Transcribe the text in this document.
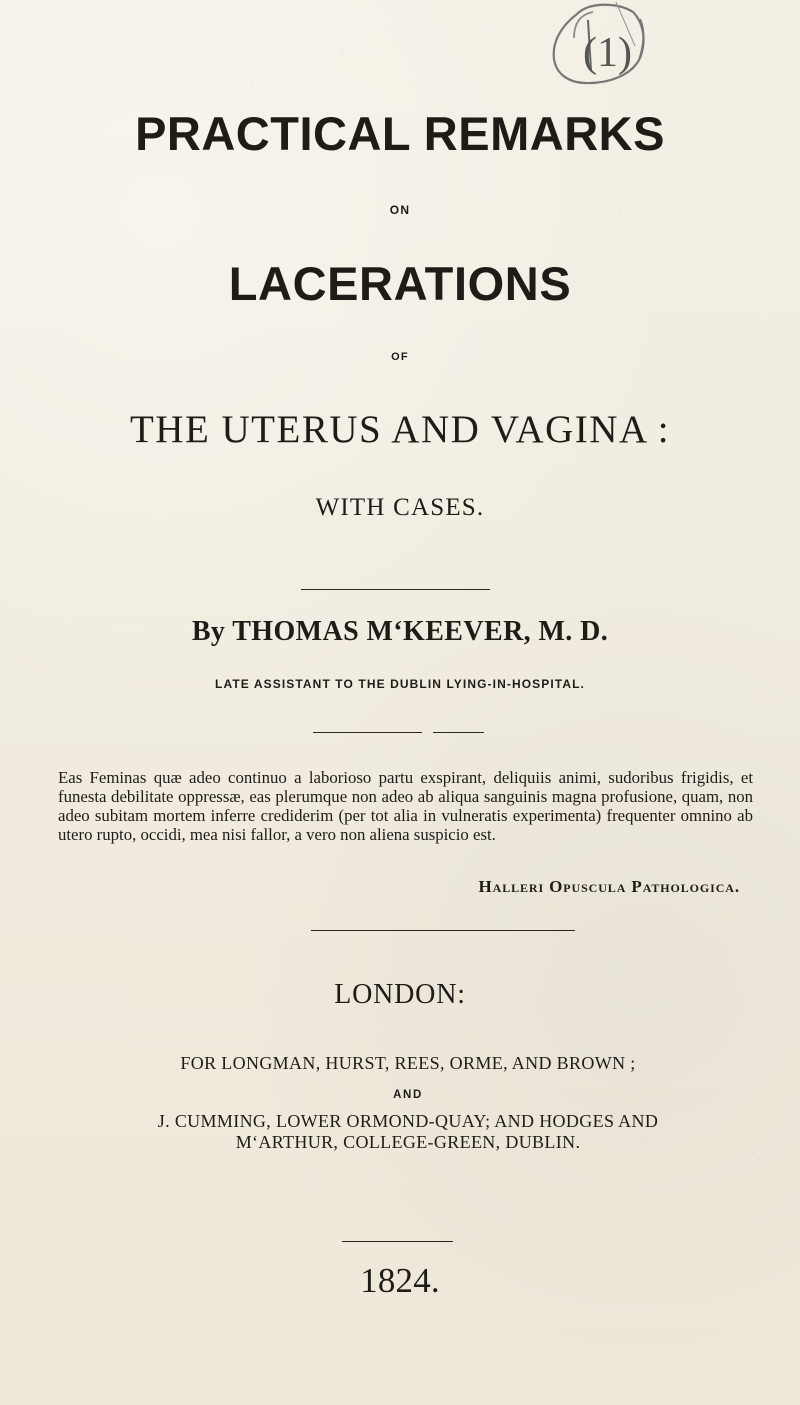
(1)
PRACTICAL REMARKS
ON
LACERATIONS
OF
THE UTERUS AND VAGINA :
WITH CASES.
By THOMAS M‘KEEVER, M. D.
LATE ASSISTANT TO THE DUBLIN LYING-IN-HOSPITAL.
Eas Feminas quæ adeo continuo a laborioso partu exspirant, deliquiis animi, sudoribus frigidis, et funesta debilitate oppressæ, eas plerumque non adeo ab aliqua sanguinis magna profusione, quam, non adeo subitam mortem inferre crediderim (per tot alia in vulneratis experimenta) frequenter omnino ab utero rupto, occidi, mea nisi fallor, a vero non aliena suspicio est.
Halleri Opuscula Pathologica.
LONDON:
FOR LONGMAN, HURST, REES, ORME, AND BROWN ;
AND
J. CUMMING, LOWER ORMOND-QUAY; AND HODGES AND
M‘ARTHUR, COLLEGE-GREEN, DUBLIN.
1824.
